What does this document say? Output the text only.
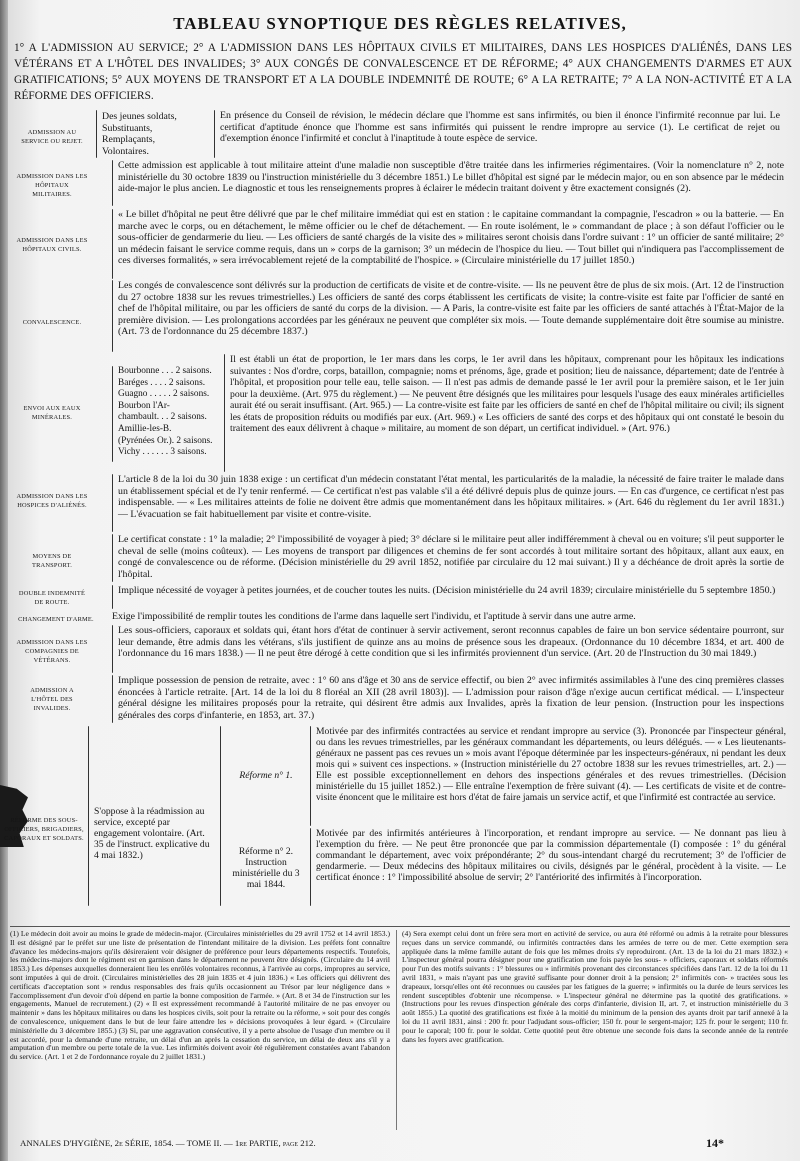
TABLEAU SYNOPTIQUE DES RÈGLES RELATIVES,
1° A L'ADMISSION AU SERVICE; 2° A L'ADMISSION DANS LES HÔPITAUX CIVILS ET MILITAIRES, DANS LES HOSPICES D'ALIÉNÉS, DANS LES VÉTÉRANS ET A L'HÔTEL DES INVALIDES; 3° AUX CONGÉS DE CONVALESCENCE ET DE RÉFORME; 4° AUX CHANGEMENTS D'ARMES ET AUX GRATIFICATIONS; 5° AUX MOYENS DE TRANSPORT ET A LA DOUBLE INDEMNITÉ DE ROUTE; 6° A LA RETRAITE; 7° A LA NON-ACTIVITÉ ET A LA RÉFORME DES OFFICIERS.
ADMISSION AU SERVICE OU REJET.
Des jeunes soldats,
Substituants,
Remplaçants,
Volontaires.
En présence du Conseil de révision, le médecin déclare que l'homme est sans infirmités, ou bien il énonce l'infirmité reconnue par lui. Le certificat d'aptitude énonce que l'homme est sans infirmités qui puissent le rendre impropre au service (1). Le certificat de rejet ou d'exemption énonce l'infirmité et conclut à l'inaptitude à toute espèce de service.
ADMISSION DANS LES HÔPITAUX MILITAIRES.
Cette admission est applicable à tout militaire atteint d'une maladie non susceptible d'être traitée dans les infirmeries régimentaires. (Voir la nomenclature n° 2, note ministérielle du 30 octobre 1839 ou l'instruction ministérielle du 3 décembre 1851.) Le billet d'hôpital est signé par le médecin major, ou en son absence par le médecin aide-major le plus ancien. Le diagnostic et tous les renseignements propres à éclairer le médecin traitant doivent y être exactement consignés (2).
ADMISSION DANS LES HÔPITAUX CIVILS.
« Le billet d'hôpital ne peut être délivré que par le chef militaire immédiat qui est en station : le capitaine commandant la compagnie, l'escadron » ou la batterie. — En marche avec le corps, ou en détachement, le même officier ou le chef de détachement. — En route isolément, le » commandant de place ; à son défaut l'officier ou le sous-officier de gendarmerie du lieu. — Les officiers de santé chargés de la visite des » militaires seront choisis dans l'ordre suivant : 1° un officier de santé militaire; 2° un médecin faisant le service comme requis, dans un » corps de la garnison; 3° un médecin de l'hospice du lieu. — Tout billet qui n'indiquera pas l'accomplissement de ces diverses formalités, » sera irrévocablement rejeté de la comptabilité de l'hospice. » (Circulaire ministérielle du 17 juillet 1850.)
CONVALESCENCE.
Les congés de convalescence sont délivrés sur la production de certificats de visite et de contre-visite. — Ils ne peuvent être de plus de six mois. (Art. 12 de l'instruction du 27 octobre 1838 sur les revues trimestrielles.) Les officiers de santé des corps établissent les certificats de visite; la contre-visite est faite par l'officier de santé en chef de l'hôpital militaire, ou par les officiers de santé du corps de la division. — A Paris, la contre-visite est faite par les officiers de santé attachés à l'État-Major de la première division. — Les prolongations accordées par les généraux ne peuvent que compléter six mois. — Toute demande supplémentaire doit être soumise au ministre. (Art. 73 de l'ordonnance du 25 décembre 1837.)
ENVOI AUX EAUX MINÉRALES.
Bourbonne . . . 2 saisons.
Baréges . . . . 2 saisons.
Guagno . . . . . 2 saisons.
Bourbon l'Ar-
chambault. . . 2 saisons.
Amillie-les-B.
(Pyrénées Or.). 2 saisons.
Vichy . . . . . . 3 saisons.
Il est établi un état de proportion, le 1er mars dans les corps, le 1er avril dans les hôpitaux, comprenant pour les hôpitaux les indications suivantes : Nos d'ordre, corps, bataillon, compagnie; noms et prénoms, âge, grade et position; lieu de naissance, département; date de l'entrée à l'hôpital, et proposition pour telle eau, telle saison. — Il n'est pas admis de demande passé le 1er avril pour la première saison, et le 1er juin pour la deuxième. (Art. 975 du règlement.) — Ne peuvent être désignés que les militaires pour lesquels l'usage des eaux minérales artificielles aurait été ou serait insuffisant. (Art. 965.) — La contre-visite est faite par les officiers de santé en chef de l'hôpital militaire ou civil; ils signent les états de proposition réduits ou modifiés par eux. (Art. 969.) « Les officiers de santé des corps et des hôpitaux qui ont constaté le besoin du traitement des eaux délivrent à chaque » militaire, au moment de son départ, un certificat individuel. » (Art. 976.)
ADMISSION DANS LES HOSPICES D'ALIÉNÉS.
L'article 8 de la loi du 30 juin 1838 exige : un certificat d'un médecin constatant l'état mental, les particularités de la maladie, la nécessité de faire traiter le malade dans un établissement spécial et de l'y tenir renfermé. — Ce certificat n'est pas valable s'il a été délivré depuis plus de quinze jours. — En cas d'urgence, ce certificat n'est pas indispensable. — « Les militaires atteints de folie ne doivent être admis que momentanément dans les hôpitaux militaires. » (Art. 646 du règlement du 1er avril 1831.) — L'évacuation se fait habituellement par visite et contre-visite.
MOYENS DE TRANSPORT.
Le certificat constate : 1° la maladie; 2° l'impossibilité de voyager à pied; 3° déclare si le militaire peut aller indifféremment à cheval ou en voiture; s'il peut supporter le cheval de selle (moins coûteux). — Les moyens de transport par diligences et chemins de fer sont accordés à tout militaire sortant des hôpitaux, allant aux eaux, en congé de convalescence ou de réforme. (Décision ministérielle du 29 avril 1852, notifiée par circulaire du 12 mai suivant.) Il y a déchéance de droit après la sortie de l'hôpital.
DOUBLE INDEMNITÉ DE ROUTE.
Implique nécessité de voyager à petites journées, et de coucher toutes les nuits. (Décision ministérielle du 24 avril 1839; circulaire ministérielle du 5 septembre 1850.)
CHANGEMENT D'ARME.	Exige l'impossibilité de remplir toutes les conditions de l'arme dans laquelle sert l'individu, et l'aptitude à servir dans une autre arme.
ADMISSION DANS LES COMPAGNIES DE VÉTÉRANS.
Les sous-officiers, caporaux et soldats qui, étant hors d'état de continuer à servir activement, seront reconnus capables de faire un bon service sédentaire pourront, sur leur demande, être admis dans les vétérans, s'ils justifient de quinze ans au moins de présence sous les drapeaux. (Ordonnance du 10 décembre 1834, et art. 400 de l'ordonnance du 16 mars 1838.) — Il ne peut être dérogé à cette condition que si les infirmités proviennent d'un service. (Art. 20 de l'Instruction du 30 mai 1849.)
ADMISSION A L'HÔTEL DES INVALIDES.
Implique possession de pension de retraite, avec : 1° 60 ans d'âge et 30 ans de service effectif, ou bien 2° avec infirmités assimilables à l'une des cinq premières classes énoncées à l'article retraite. [Art. 14 de la loi du 8 floréal an XII (28 avril 1803)]. — L'admission pour raison d'âge n'exige aucun certificat médical. — L'inspecteur général désigne les militaires proposés pour la retraite, qui désirent être admis aux Invalides, après la fixation de leur pension. (Instruction pour les inspections générales des corps d'infanterie, en 1853, art. 37.)
RÉFORME DES SOUS-OFFICIERS, BRIGADIERS, CAPORAUX ET SOLDATS.
S'oppose à la réadmission au service, excepté par engagement volontaire. (Art. 35 de l'instruct. explicative du 4 mai 1832.)
Réforme n° 1.
Réforme n° 2. Instruction ministérielle du 3 mai 1844.
Motivée par des infirmités contractées au service et rendant impropre au service (3). Prononcée par l'inspecteur général, ou dans les revues trimestrielles, par les généraux commandant les départements, ou leurs délégués. — « Les lieutenants-généraux ne passent pas ces revues un » mois avant l'époque déterminée par les inspecteurs-généraux, ni pendant les deux mois qui » suivent ces inspections. » (Instruction ministérielle du 27 octobre 1838 sur les revues trimestrielles, art. 2.) — Elle est possible exceptionnellement en dehors des inspections générales et des revues trimestrielles. (Décision ministérielle du 15 juillet 1852.) — Elle entraîne l'exemption de frère suivant (4). — Les certificats de visite et de contre-visite énoncent que le militaire est hors d'état de faire jamais un service actif, et que l'infirmité est contractée au service.
Motivée par des infirmités antérieures à l'incorporation, et rendant impropre au service. — Ne donnant pas lieu à l'exemption du frère. — Ne peut être prononcée que par la commission départementale (I) composée : 1° du général commandant le département, avec voix prépondérante; 2° du sous-intendant chargé du recrutement; 3° de l'officier de gendarmerie. — Deux médecins des hôpitaux militaires ou civils, désignés par le général, procèdent à la visite. — Le certificat énonce : 1° l'impossibilité absolue de servir; 2° l'antériorité des infirmités à l'incorporation.
(1) Le médecin doit avoir au moins le grade de médecin-major. (Circulaires ministérielles du 29 avril 1752 et 14 avril 1853.) Il est désigné par le préfet sur une liste de présentation de l'intendant militaire de la division. Les préfets font connaître d'avance les médecins-majors qu'ils désireraient voir désigner de préférence pour leurs départements respectifs. Toutefois, les médecins-majors dont le régiment est en garnison dans le département ne peuvent être désignés. (Circulaire du 14 avril 1853.) Les dépenses auxquelles donneraient lieu les enrôlés volontaires reconnus, à l'arrivée au corps, impropres au service, sont imputées à qui de droit. (Circulaires ministérielles des 28 juin 1835 et 4 juin 1836.) « Les officiers qui délivrent des certificats d'acceptation sont » rendus responsables des frais qu'ils occasionnent au Trésor par leur négligence dans » l'accomplissement d'un devoir d'où dépend en partie la bonne composition de l'armée. » (Art. 8 et 34 de l'instruction sur les engagements, Manuel de recrutement.) (2) « Il est expressément recommandé à l'autorité militaire de ne pas envoyer ou maintenir » dans les hôpitaux militaires ou dans les hospices civils, soit pour la retraite ou la réforme, » soit pour des congés de convalescence, uniquement dans le but de leur faire attendre les » décisions provoquées à leur égard. » (Circulaire ministérielle du 3 décembre 1855.) (3) Si, par une aggravation consécutive, il y a perte absolue de l'usage d'un membre ou il est accordé, pour la demande d'une retraite, un délai d'un an après la cessation du service, un délai de deux ans s'il y a amputation d'un membre ou perte totale de la vue. Les infirmités doivent avoir été régulièrement constatées avant l'abandon du service. (Art. 1 et 2 de l'ordonnance royale du 2 juillet 1831.)
(4) Sera exempt celui dont un frère sera mort en activité de service, ou aura été réformé ou admis à la retraite pour blessures reçues dans un service commandé, ou infirmités contractées dans les armées de terre ou de mer. Cette exemption sera appliquée dans la même famille autant de fois que les mêmes droits s'y reproduiront. (Art. 13 de la loi du 21 mars 1832.) « L'inspecteur général pourra désigner pour une gratification une fois payée les sous- » officiers, caporaux et soldats réformés pour l'un des motifs suivants : 1° blessures ou » infirmités provenant des circonstances spécifiées dans l'art. 12 de la loi du 11 avril 1831, » mais n'ayant pas une gravité suffisante pour donner droit à la pension; 2° infirmités con- » tractées sous les drapeaux, lorsqu'elles ont été reconnues ou causées par les fatigues de la guerre; » infirmités ou la durée de leurs services les rendent susceptibles d'obtenir une récompense. » L'inspecteur général ne détermine pas la quotité des gratifications. » (Instructions pour les revues d'inspection générale des corps d'infanterie, division II, art. 7, et instruction ministérielle du 3 août 1855.) La quotité des gratifications est fixée à la moitié du minimum de la pension des ayants droit par tarif annexé à la loi du 11 avril 1831, ainsi : 200 fr. pour l'adjudant sous-officier; 150 fr. pour le sergent-major; 125 fr. pour le sergent; 110 fr. pour le caporal; 100 fr. pour le soldat. Cette quotité peut être obtenue une seconde fois dans la seconde année de la rentrée dans les foyers avec gratification.
ANNALES D'HYGIÈNE, 2e SÉRIE, 1854. — TOME II. — 1re PARTIE, page 212.	14*
